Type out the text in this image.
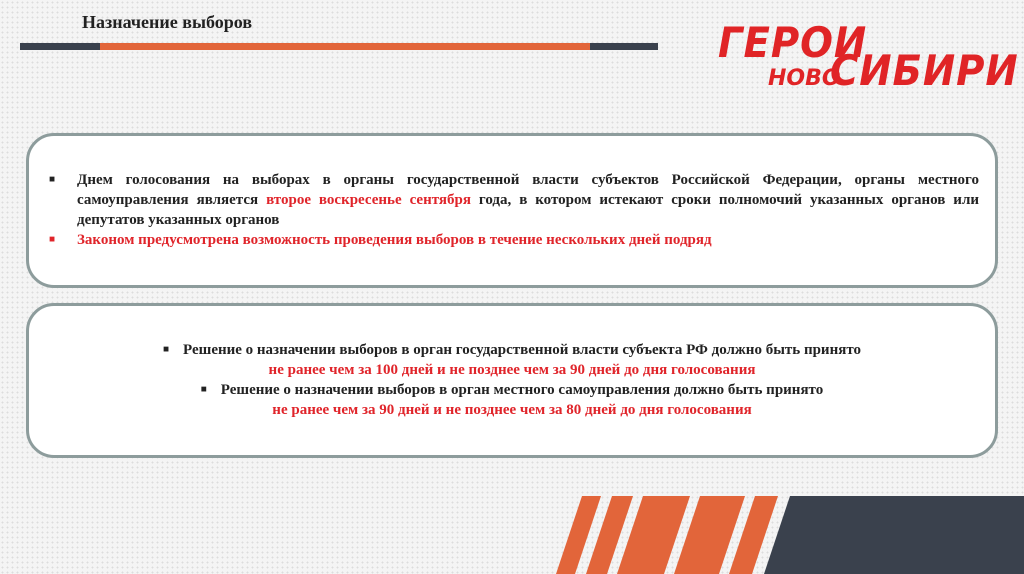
Назначение выборов	ГЕРОИ
НОВО
СИБИРИ
■ Днем голосования на выборах в органы государственной власти субъектов Российской Федерации, органы местного самоуправления является второе воскресенье сентября года, в котором истекают сроки полномочий указанных органов или депутатов указанных органов
■ Законом предусмотрена возможность проведения выборов в течение нескольких дней подряд
■ Решение о назначении выборов в орган государственной власти субъекта РФ должно быть принято
не ранее чем за 100 дней и не позднее чем за 90 дней до дня голосования
■ Решение о назначении выборов в орган местного самоуправления должно быть принято
не ранее чем за 90 дней и не позднее чем за 80 дней до дня голосования
